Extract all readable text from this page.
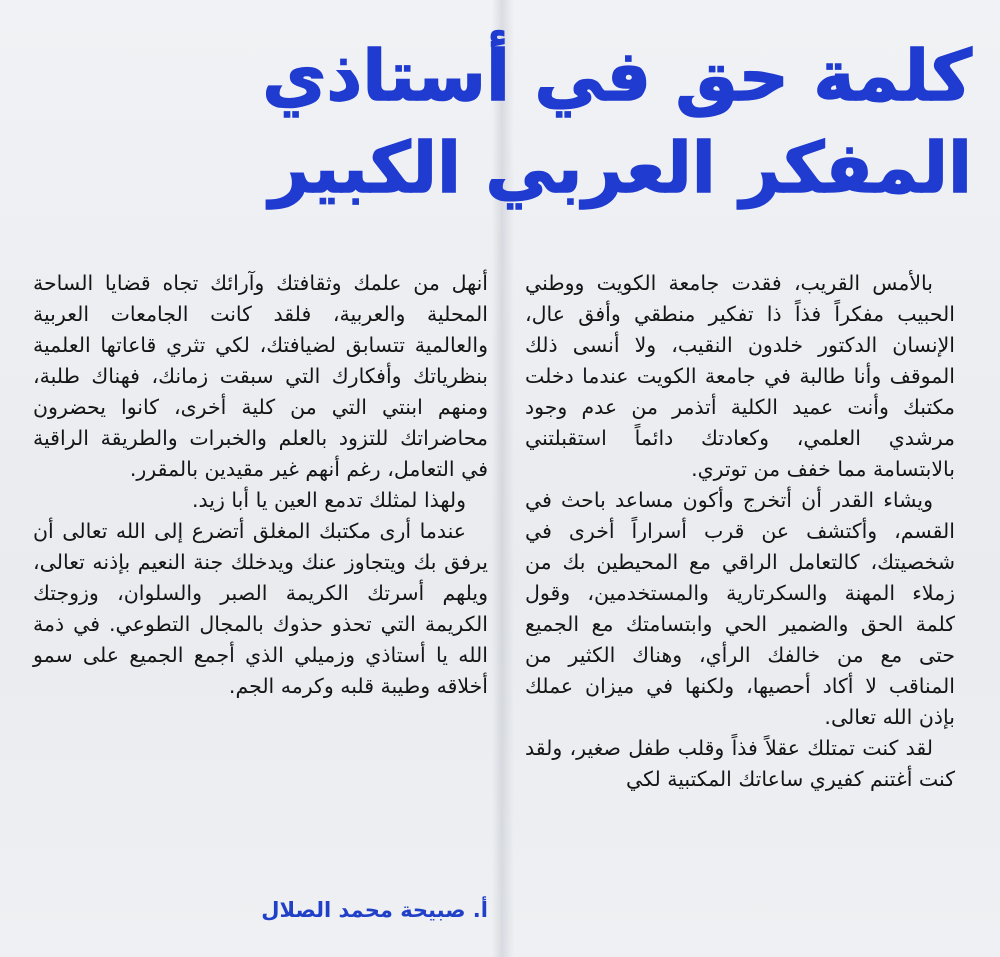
كلمة حق في أستاذي
المفكر العربي الكبير

بالأمس القريب، فقدت جامعة الكويت ووطني الحبيب مفكراً فذاً ذا تفكير منطقي وأفق عال، الإنسان الدكتور خلدون النقيب، ولا أنسى ذلك الموقف وأنا طالبة في جامعة الكويت عندما دخلت مكتبك وأنت عميد الكلية أتذمر من عدم وجود مرشدي العلمي، وكعادتك دائماً استقبلتني بالابتسامة مما خفف من توتري.

ويشاء القدر أن أتخرج وأكون مساعد باحث في القسم، وأكتشف عن قرب أسراراً أخرى في شخصيتك، كالتعامل الراقي مع المحيطين بك من زملاء المهنة والسكرتارية والمستخدمين، وقول كلمة الحق والضمير الحي وابتسامتك مع الجميع حتى مع من خالفك الرأي، وهناك الكثير من المناقب لا أكاد أحصيها، ولكنها في ميزان عملك بإذن الله تعالى.

لقد كنت تمتلك عقلاً فذاً وقلب طفل صغير، ولقد كنت أغتنم كفيري ساعاتك المكتبية لكي

أنهل من علمك وثقافتك وآرائك تجاه قضايا الساحة المحلية والعربية، فلقد كانت الجامعات العربية والعالمية تتسابق لضيافتك، لكي تثري قاعاتها العلمية بنظرياتك وأفكارك التي سبقت زمانك، فهناك طلبة، ومنهم ابنتي التي من كلية أخرى، كانوا يحضرون محاضراتك للتزود بالعلم والخبرات والطريقة الراقية في التعامل، رغم أنهم غير مقيدين بالمقرر.

ولهذا لمثلك تدمع العين يا أبا زيد.

عندما أرى مكتبك المغلق أتضرع إلى الله تعالى أن يرفق بك ويتجاوز عنك ويدخلك جنة النعيم بإذنه تعالى، ويلهم أسرتك الكريمة الصبر والسلوان، وزوجتك الكريمة التي تحذو حذوك بالمجال التطوعي. في ذمة الله يا أستاذي وزميلي الذي أجمع الجميع على سمو أخلاقه وطيبة قلبه وكرمه الجم.

أ. صبيحة محمد الصلال
